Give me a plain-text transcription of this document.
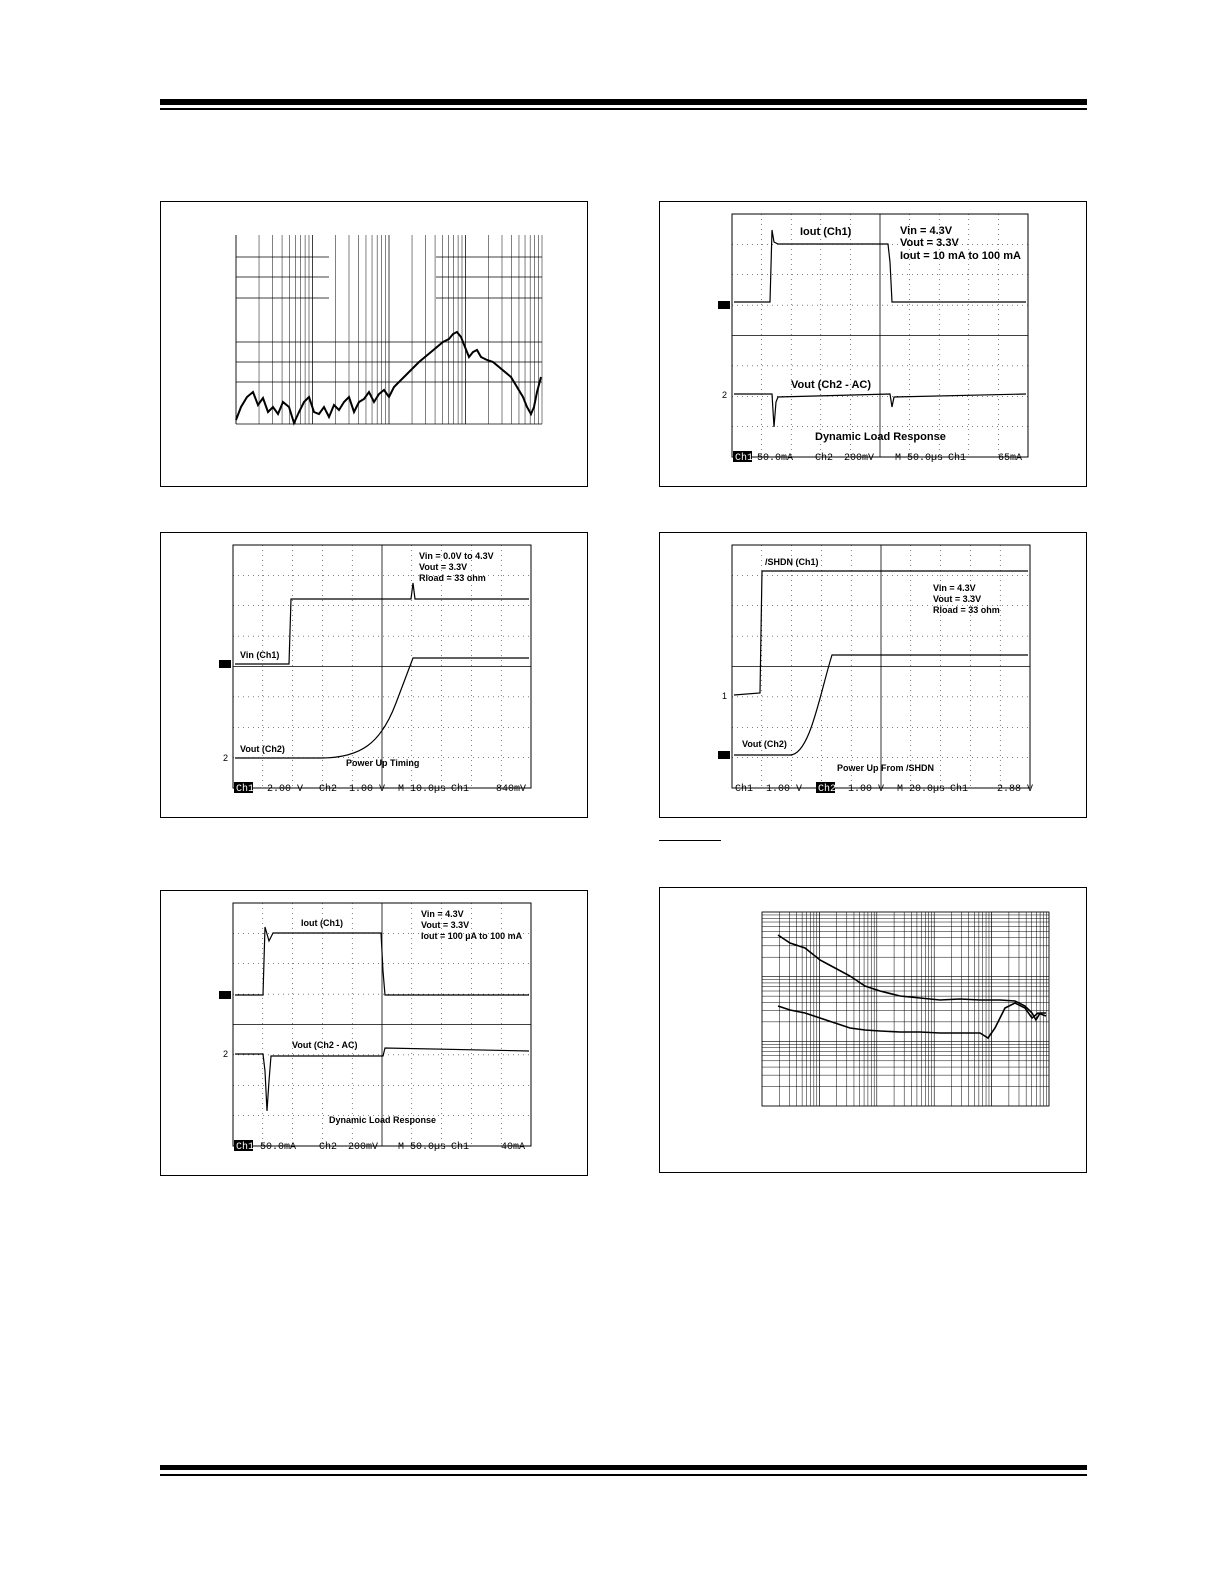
2
Iout (Ch1)	Vin = 4.3V
Vout = 3.3V
Iout = 10 mA to 100 mA
Vout (Ch2 - AC)
Dynamic Load Response
Ch1 50.0mA Ch2 200mV M 50.0µs Ch1	65mA
2
Vin = 0.0V to 4.3V
Vout = 3.3V
Rload = 33 ohm
Vin (Ch1)
Vout (Ch2)
Power Up Timing
Ch1 2.00 V Ch2 1.00 V M 10.0µs Ch1	840mV
1
/SHDN (Ch1)
Vin = 4.3V
Vout = 3.3V
Rload = 33 ohm
Vout (Ch2)
Power Up From /SHDN
Ch1 1.00 V Ch2 1.00 V M 20.0µs Ch1	2.88 V
2
Iout (Ch1)
Vin = 4.3V
Vout = 3.3V
Iout = 100 µA to 100 mA
Vout (Ch2 - AC)
Dynamic Load Response
Ch1 50.0mA Ch2 200mV M 50.0µs Ch1	40mA
